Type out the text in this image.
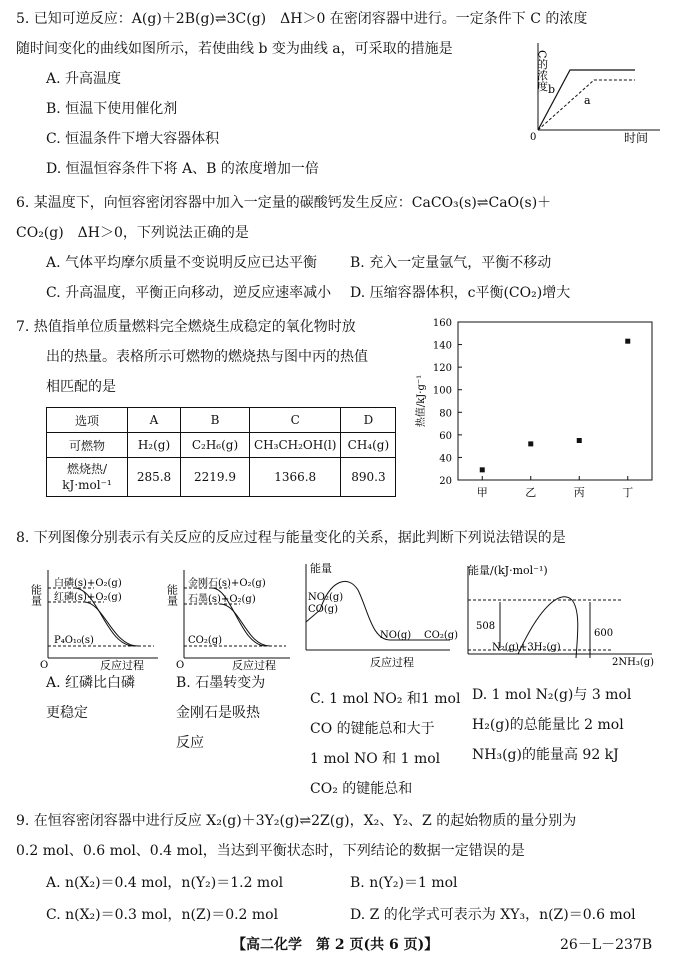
5. 已知可逆反应：A(g)＋2B(g)⇌3C(g)　ΔH＞0 在密闭容器中进行。一定条件下 C 的浓度
随时间变化的曲线如图所示，若使曲线 b 变为曲线 a，可采取的措施是
A. 升高温度
B. 恒温下使用催化剂
C. 恒温条件下增大容器体积
D. 恒温恒容条件下将 A、B 的浓度增加一倍
C的浓度 b
a
0	时间
6. 某温度下，向恒容密闭容器中加入一定量的碳酸钙发生反应：CaCO₃(s)⇌CaO(s)＋
CO₂(g)　ΔH＞0，下列说法正确的是
A. 气体平均摩尔质量不变说明反应已达平衡 B. 充入一定量氩气，平衡不移动
C. 升高温度，平衡正向移动，逆反应速率减小 D. 压缩容器体积，c平衡(CO₂)增大
7. 热值指单位质量燃料完全燃烧生成稳定的氧化物时放
出的热量。表格所示可燃物的燃烧热与图中丙的热值
相匹配的是
选项	A	B	C	D
可燃物	H₂(g)	C₂H₆(g)	CH₃CH₂OH(l)	CH₄(g)
燃烧热/
kJ·mol⁻¹	285.8	2219.9	1366.8	890.3	20
40
60
80
100
120
140
160
热值/kJ·g⁻¹
甲	乙	丙	丁
8. 下列图像分别表示有关反应的反应过程与能量变化的关系，据此判断下列说法错误的是
能量
白磷(s)+O₂(g)
红磷(s)+O₂(g)
P₄O₁₀(s)
O	反应过程
能量
金刚石(s)+O₂(g)
石墨(s)+O₂(g)
CO₂(g)
O	反应过程
能量
NO₂(g)
CO(g)
NO(g) CO₂(g)
反应过程
能量/(kJ·mol⁻¹)
508
600
N₂(g)+3H₂(g)
2NH₃(g)
A. 红磷比白磷
更稳定
B. 石墨转变为
金刚石是吸热
反应
C. 1 mol NO₂ 和1 mol
CO 的键能总和大于
1 mol NO 和 1 mol
CO₂ 的键能总和
D. 1 mol N₂(g)与 3 mol
H₂(g)的总能量比 2 mol
NH₃(g)的能量高 92 kJ
9. 在恒容密闭容器中进行反应 X₂(g)＋3Y₂(g)⇌2Z(g)，X₂、Y₂、Z 的起始物质的量分别为
0.2 mol、0.6 mol、0.4 mol，当达到平衡状态时，下列结论的数据一定错误的是
A. n(X₂)＝0.4 mol，n(Y₂)＝1.2 mol	B. n(Y₂)＝1 mol
C. n(X₂)＝0.3 mol，n(Z)＝0.2 mol	D. Z 的化学式可表示为 XY₃，n(Z)＝0.6 mol
【高二化学　第 2 页(共 6 页)】	26－L－237B
